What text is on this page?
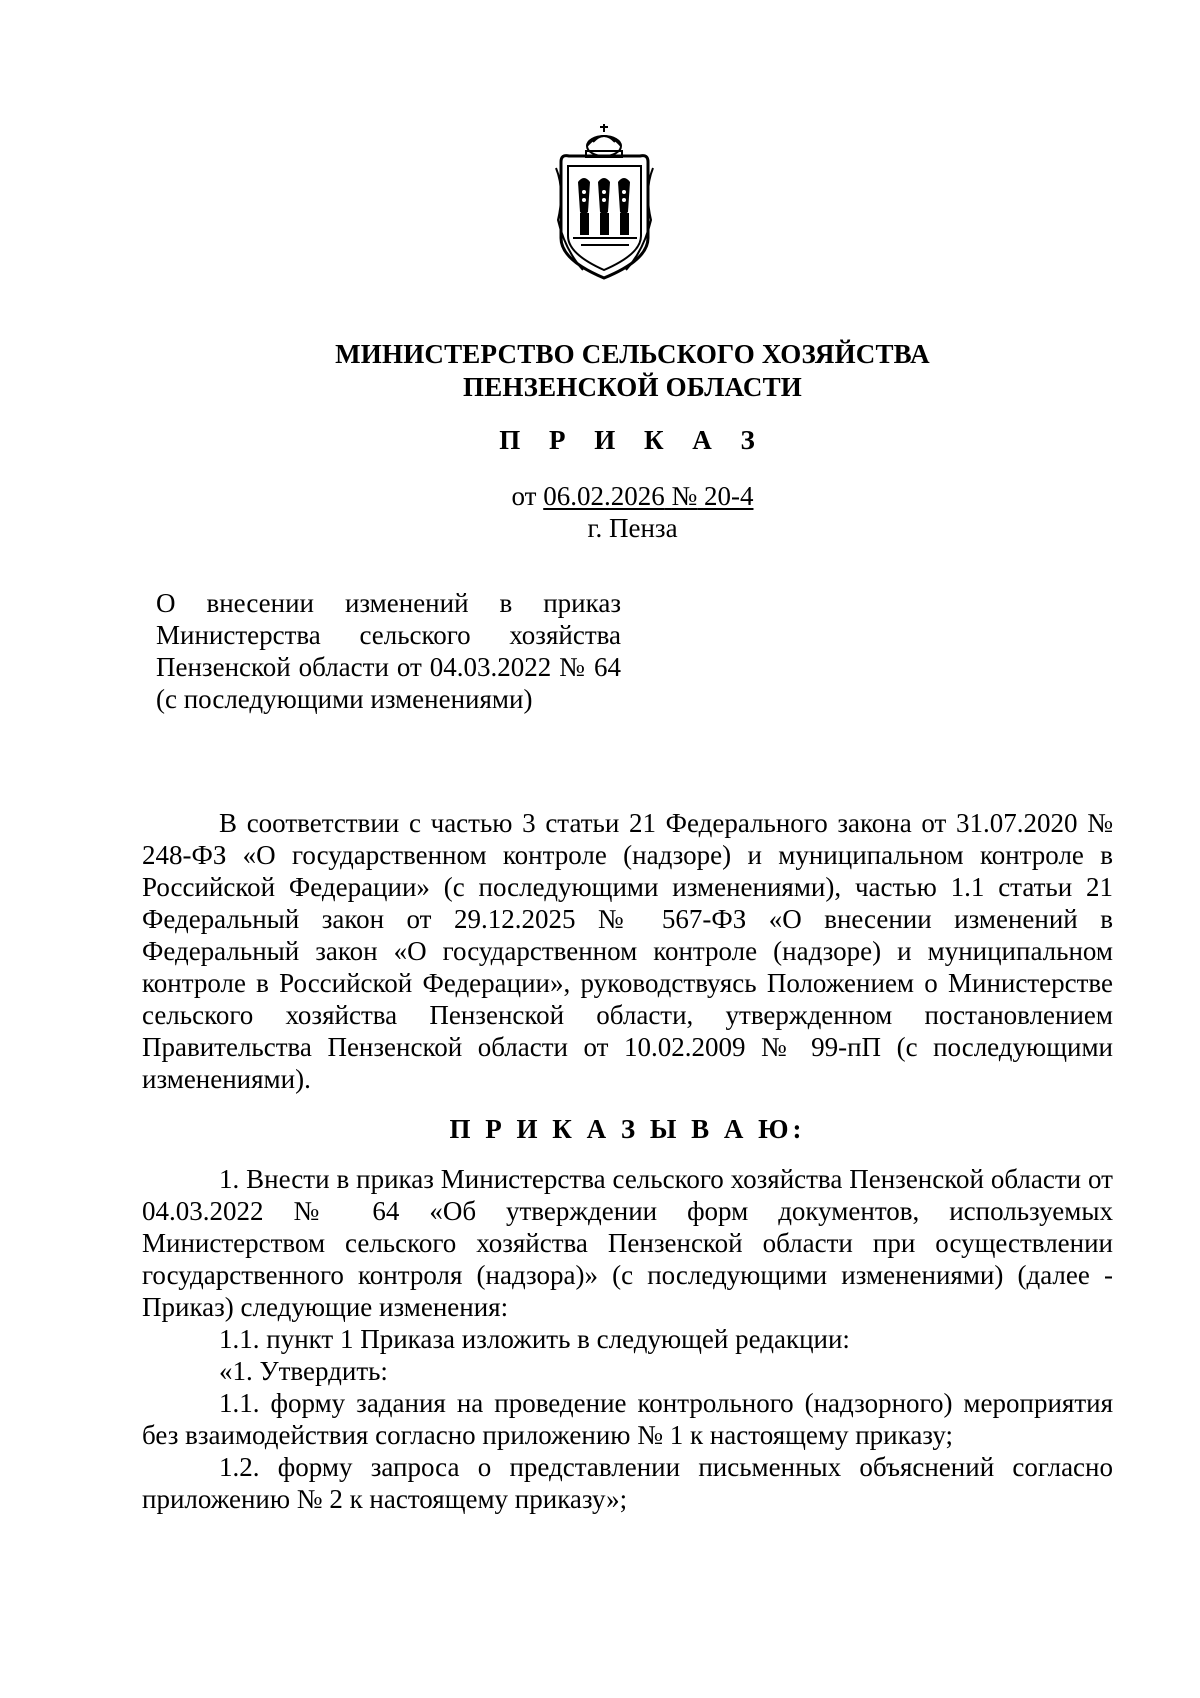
МИНИСТЕРСТВО СЕЛЬСКОГО ХОЗЯЙСТВА
ПЕНЗЕНСКОЙ ОБЛАСТИ
П Р И К А З
от 06.02.2026 № 20-4
г. Пенза
О внесении изменений в приказ Министерства сельского хозяйства Пензенской области от 04.03.2022 № 64 (с последующими изменениями)

В соответствии с частью 3 статьи 21 Федерального закона от 31.07.2020 № 248-ФЗ «О государственном контроле (надзоре) и муниципальном контроле в Российской Федерации» (с последующими изменениями), частью 1.1 статьи 21 Федеральный закон от 29.12.2025 № 567-ФЗ «О внесении изменений в Федеральный закон «О государственном контроле (надзоре) и муниципальном контроле в Российской Федерации», руководствуясь Положением о Министерстве сельского хозяйства Пензенской области, утвержденном постановлением Правительства Пензенской области от 10.02.2009 № 99-пП (с последующими изменениями).

П Р И К А З Ы В А Ю:

1. Внести в приказ Министерства сельского хозяйства Пензенской области от 04.03.2022 № 64 «Об утверждении форм документов, используемых Министерством сельского хозяйства Пензенской области при осуществлении государственного контроля (надзора)» (с последующими изменениями) (далее - Приказ) следующие изменения:

1.1. пункт 1 Приказа изложить в следующей редакции:

«1. Утвердить:

1.1. форму задания на проведение контрольного (надзорного) мероприятия без взаимодействия согласно приложению № 1 к настоящему приказу;

1.2. форму запроса о представлении письменных объяснений согласно приложению № 2 к настоящему приказу»;
